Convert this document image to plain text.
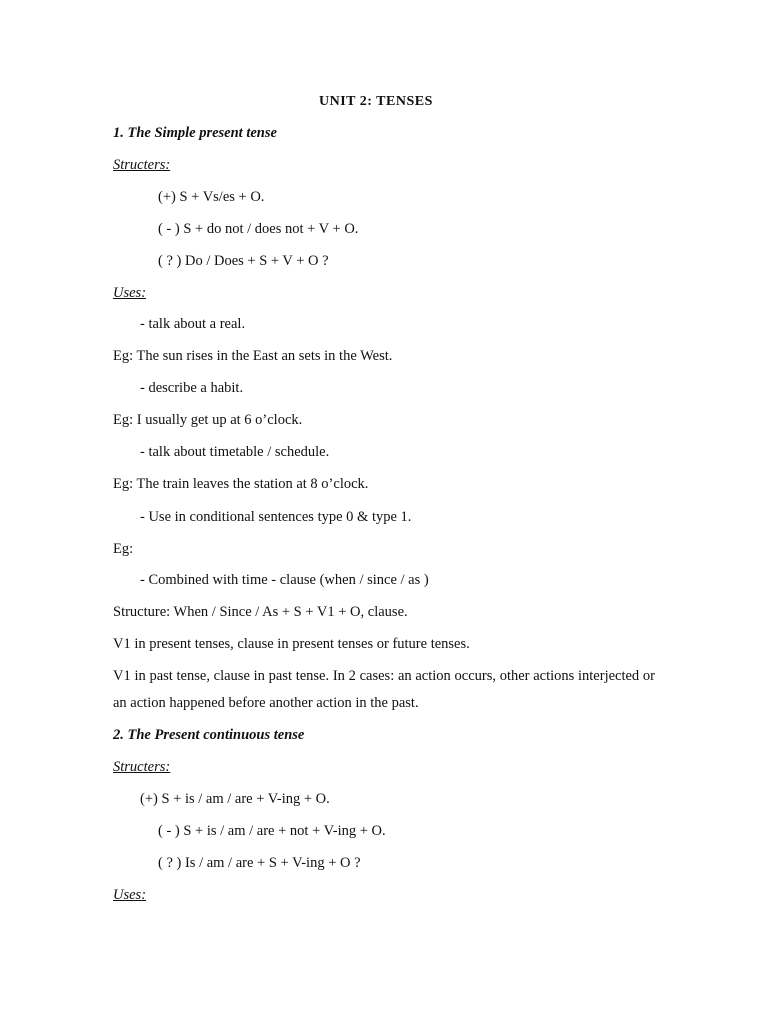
UNIT 2: TENSES
1. The Simple present tense
Structers:
(+) S + Vs/es + O.
( - ) S + do not / does not + V + O.
( ? ) Do / Does + S + V + O ?
Uses:
- talk about a real.
Eg: The sun rises in the East an sets in the West.
- describe a habit.
Eg: I usually get up at 6 o’clock.
- talk about timetable / schedule.
Eg: The train leaves the station at 8 o’clock.
- Use in conditional sentences type 0 & type 1.
Eg:
- Combined with time - clause (when / since / as )
Structure: When / Since / As + S + V1 + O, clause.
V1 in present tenses, clause in present tenses or future tenses.
V1 in past tense, clause in past tense. In 2 cases: an action occurs, other actions interjected or an action happened before another action in the past.
2. The Present continuous tense
Structers:
(+) S + is / am / are + V-ing + O.
( - ) S + is / am / are + not + V-ing + O.
( ? ) Is / am / are + S + V-ing + O ?
Uses:
